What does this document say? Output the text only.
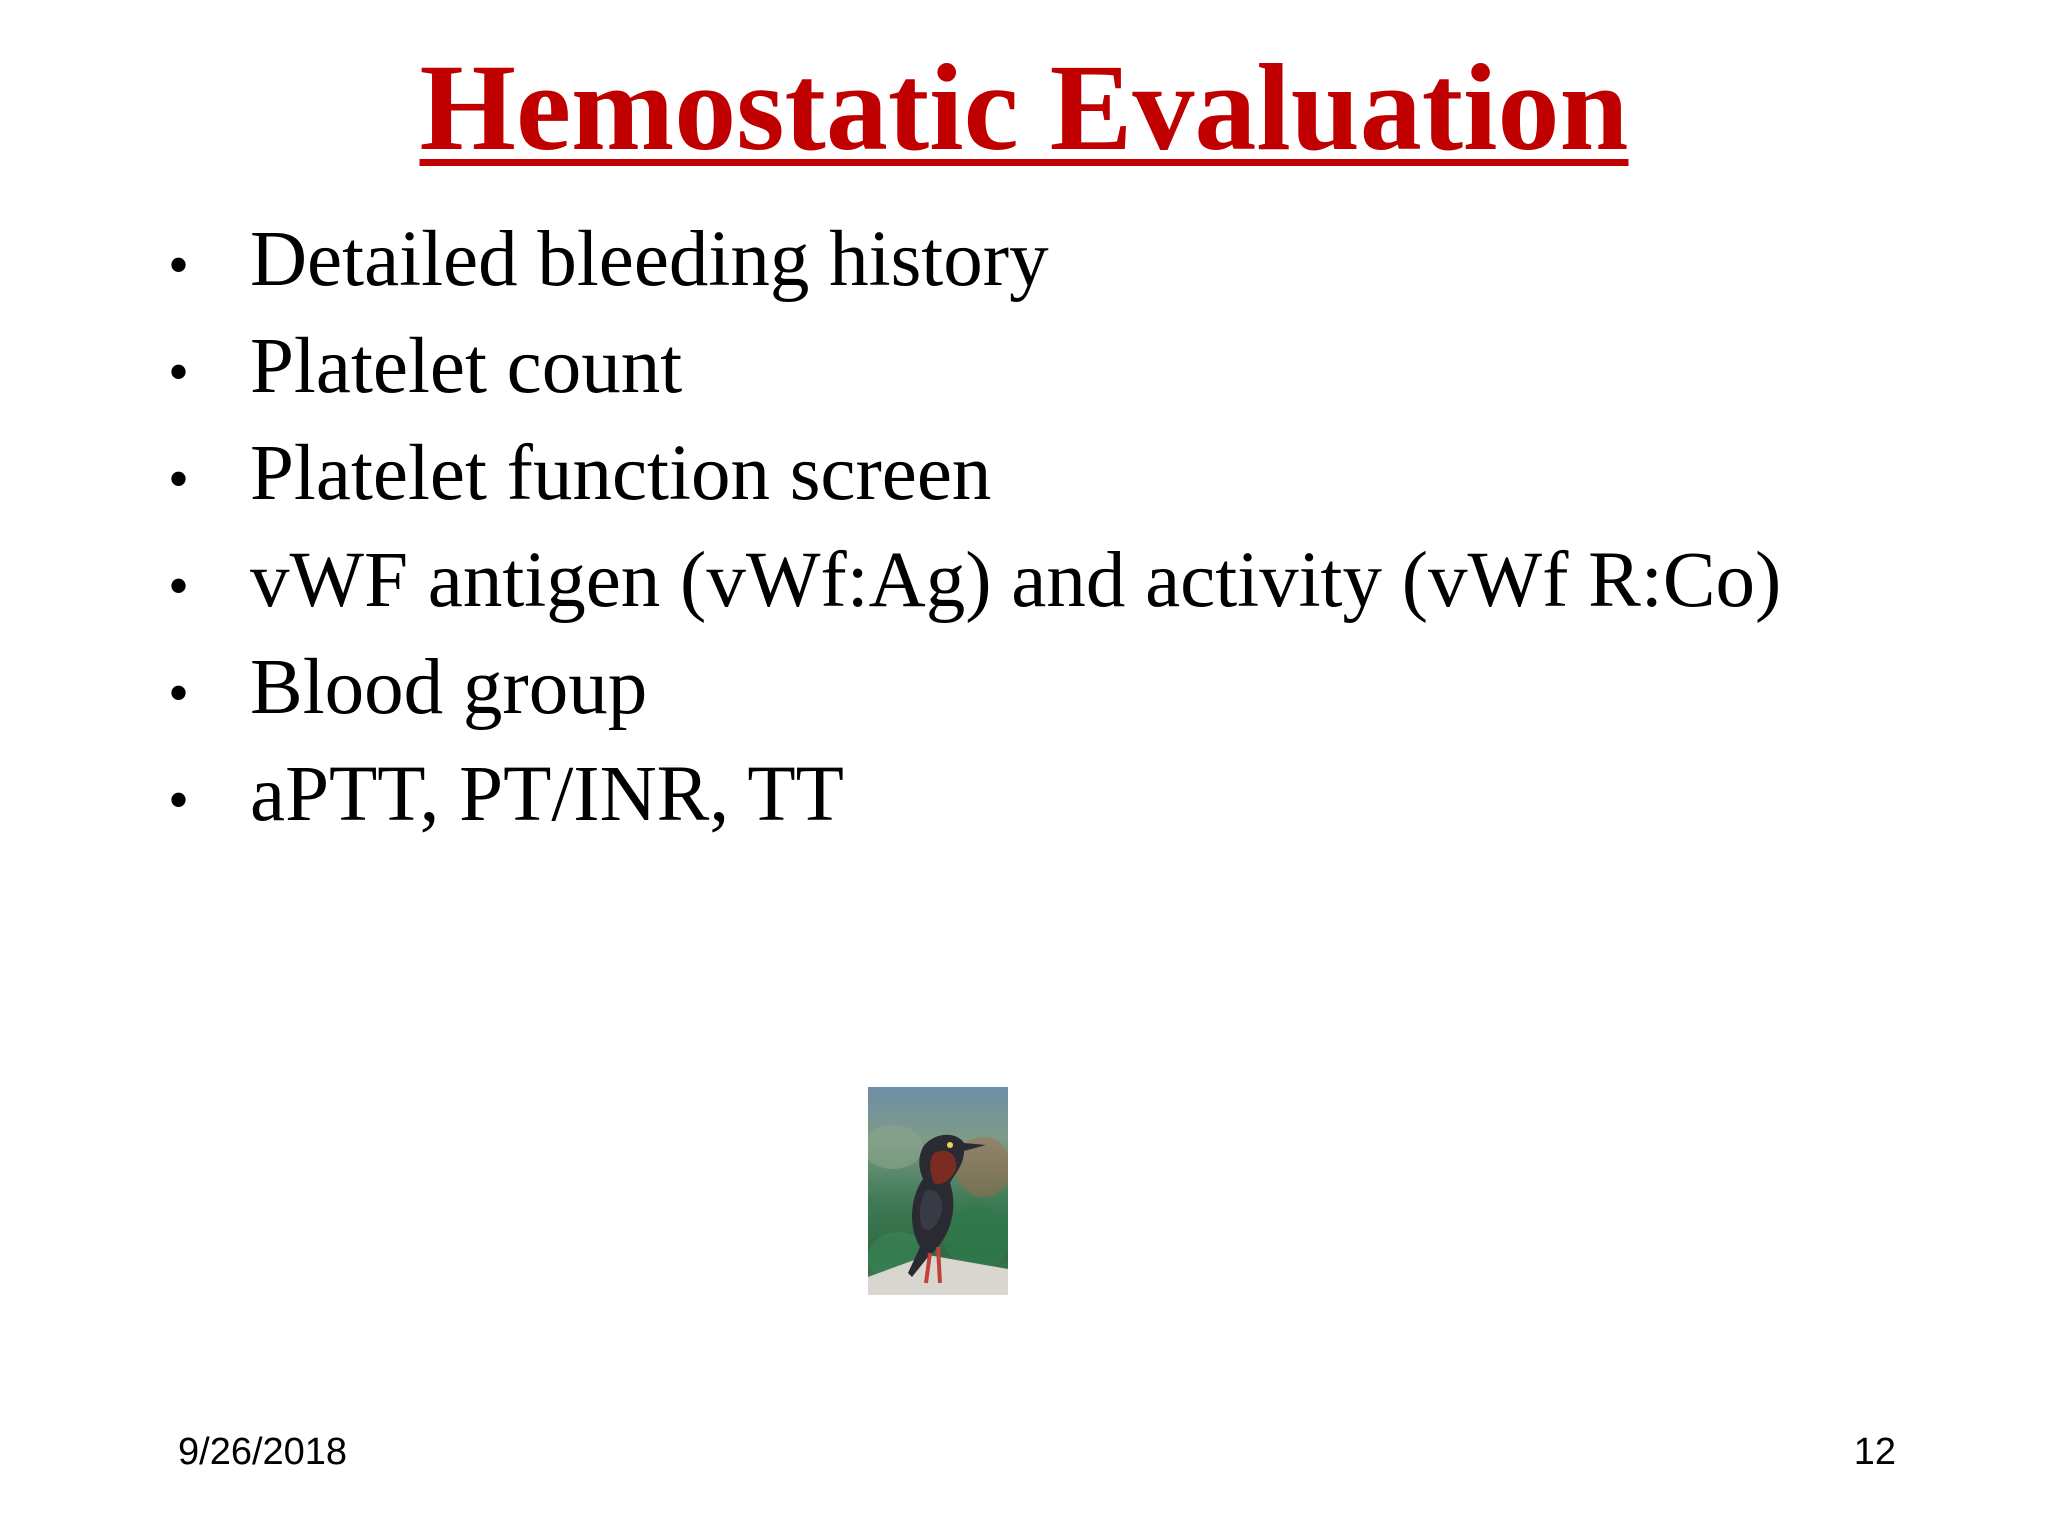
Hemostatic Evaluation
• Detailed bleeding history
• Platelet count
• Platelet function screen
• vWF antigen (vWf:Ag) and activity (vWf R:Co)
• Blood group
• aPTT, PT/INR, TT
9/26/2018	12
